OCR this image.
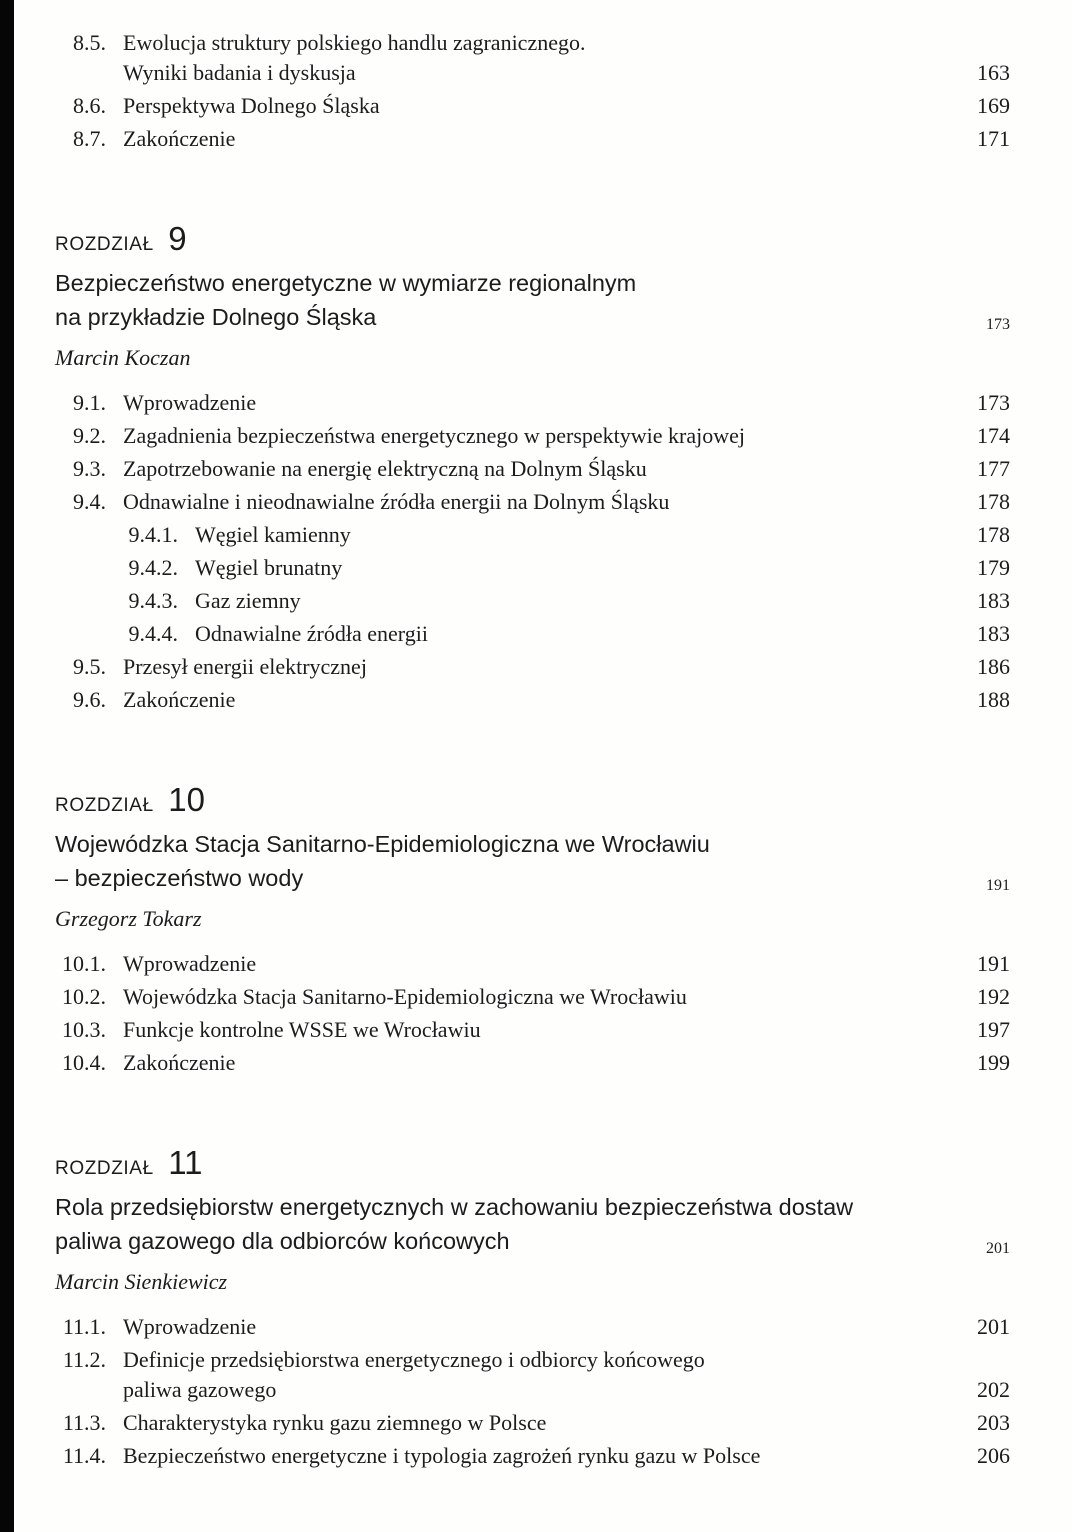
8.5. Ewolucja struktury polskiego handlu zagranicznego.
Wyniki badania i dyskusja	163
8.6. Perspektywa Dolnego Śląska	169
8.7. Zakończenie	171
ROZDZIAŁ 9
Bezpieczeństwo energetyczne w wymiarze regionalnym
na przykładzie Dolnego Śląska	173
Marcin Koczan
9.1. Wprowadzenie	173
9.2. Zagadnienia bezpieczeństwa energetycznego w perspektywie krajowej	174
9.3. Zapotrzebowanie na energię elektryczną na Dolnym Śląsku	177
9.4. Odnawialne i nieodnawialne źródła energii na Dolnym Śląsku	178
9.4.1. Węgiel kamienny	178
9.4.2. Węgiel brunatny	179
9.4.3. Gaz ziemny	183
9.4.4. Odnawialne źródła energii	183
9.5. Przesył energii elektrycznej	186
9.6. Zakończenie	188
ROZDZIAŁ 10
Wojewódzka Stacja Sanitarno-Epidemiologiczna we Wrocławiu
– bezpieczeństwo wody	191
Grzegorz Tokarz
10.1. Wprowadzenie	191
10.2. Wojewódzka Stacja Sanitarno-Epidemiologiczna we Wrocławiu	192
10.3. Funkcje kontrolne WSSE we Wrocławiu	197
10.4. Zakończenie	199
ROZDZIAŁ 11
Rola przedsiębiorstw energetycznych w zachowaniu bezpieczeństwa dostaw
paliwa gazowego dla odbiorców końcowych	201
Marcin Sienkiewicz
11.1. Wprowadzenie	201
11.2. Definicje przedsiębiorstwa energetycznego i odbiorcy końcowego
paliwa gazowego	202
11.3. Charakterystyka rynku gazu ziemnego w Polsce	203
11.4. Bezpieczeństwo energetyczne i typologia zagrożeń rynku gazu w Polsce	206
